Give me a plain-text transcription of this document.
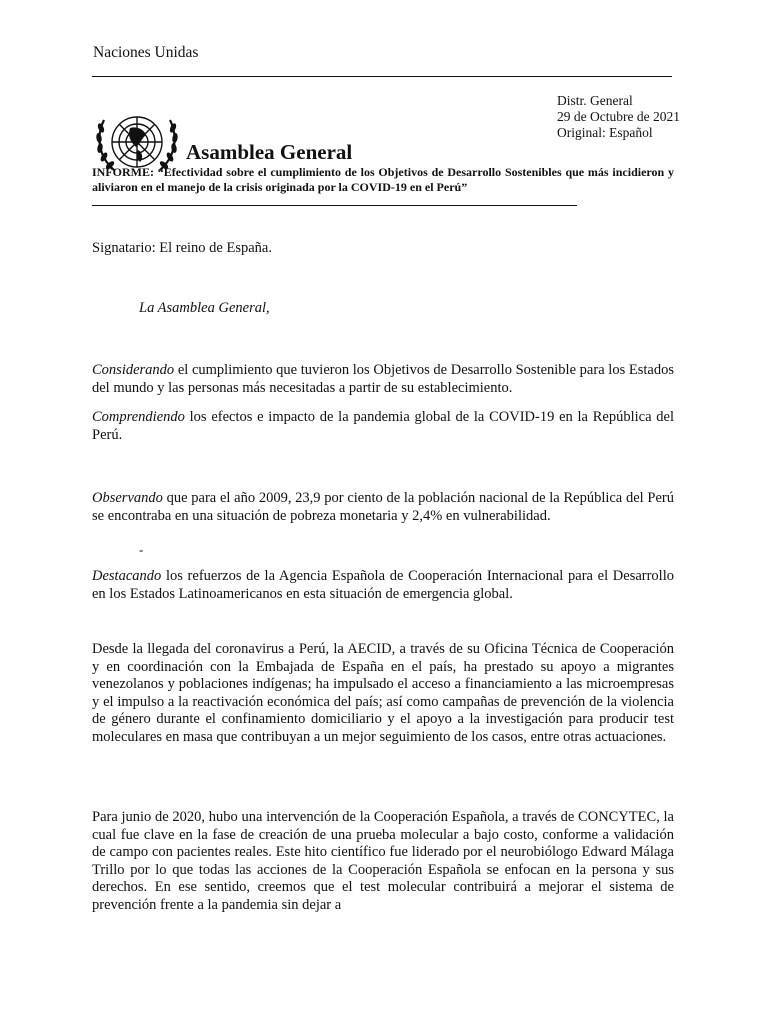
Naciones Unidas
Distr. General
29 de Octubre de 2021
Original: Español
Asamblea General
INFORME: “Efectividad sobre el cumplimiento de los Objetivos de Desarrollo Sostenibles que más incidieron y aliviaron en el manejo de la crisis originada por la COVID-19 en el Perú”

Signatario: El reino de España.

La Asamblea General,

Considerando el cumplimiento que tuvieron los Objetivos de Desarrollo Sostenible para los Estados del mundo y las personas más necesitadas a partir de su establecimiento.

Comprendiendo los efectos e impacto de la pandemia global de la COVID-19 en la República del Perú.

Observando que para el año 2009, 23,9 por ciento de la población nacional de la República del Perú se encontraba en una situación de pobreza monetaria y 2,4% en vulnerabilidad.

-

Destacando los refuerzos de la Agencia Española de Cooperación Internacional para el Desarrollo en los Estados Latinoamericanos en esta situación de emergencia global.

Desde la llegada del coronavirus a Perú, la AECID, a través de su Oficina Técnica de Cooperación y en coordinación con la Embajada de España en el país, ha prestado su apoyo a migrantes venezolanos y poblaciones indígenas; ha impulsado el acceso a financiamiento a las microempresas y el impulso a la reactivación económica del país; así como campañas de prevención de la violencia de género durante el confinamiento domiciliario y el apoyo a la investigación para producir test moleculares en masa que contribuyan a un mejor seguimiento de los casos, entre otras actuaciones.

Para junio de 2020, hubo una intervención de la Cooperación Española, a través de CONCYTEC, la cual fue clave en la fase de creación de una prueba molecular a bajo costo, conforme a validación de campo con pacientes reales. Este hito científico fue liderado por el neurobiólogo Edward Málaga Trillo por lo que todas las acciones de la Cooperación Española se enfocan en la persona y sus derechos. En ese sentido, creemos que el test molecular contribuirá a mejorar el sistema de prevención frente a la pandemia sin dejar a
